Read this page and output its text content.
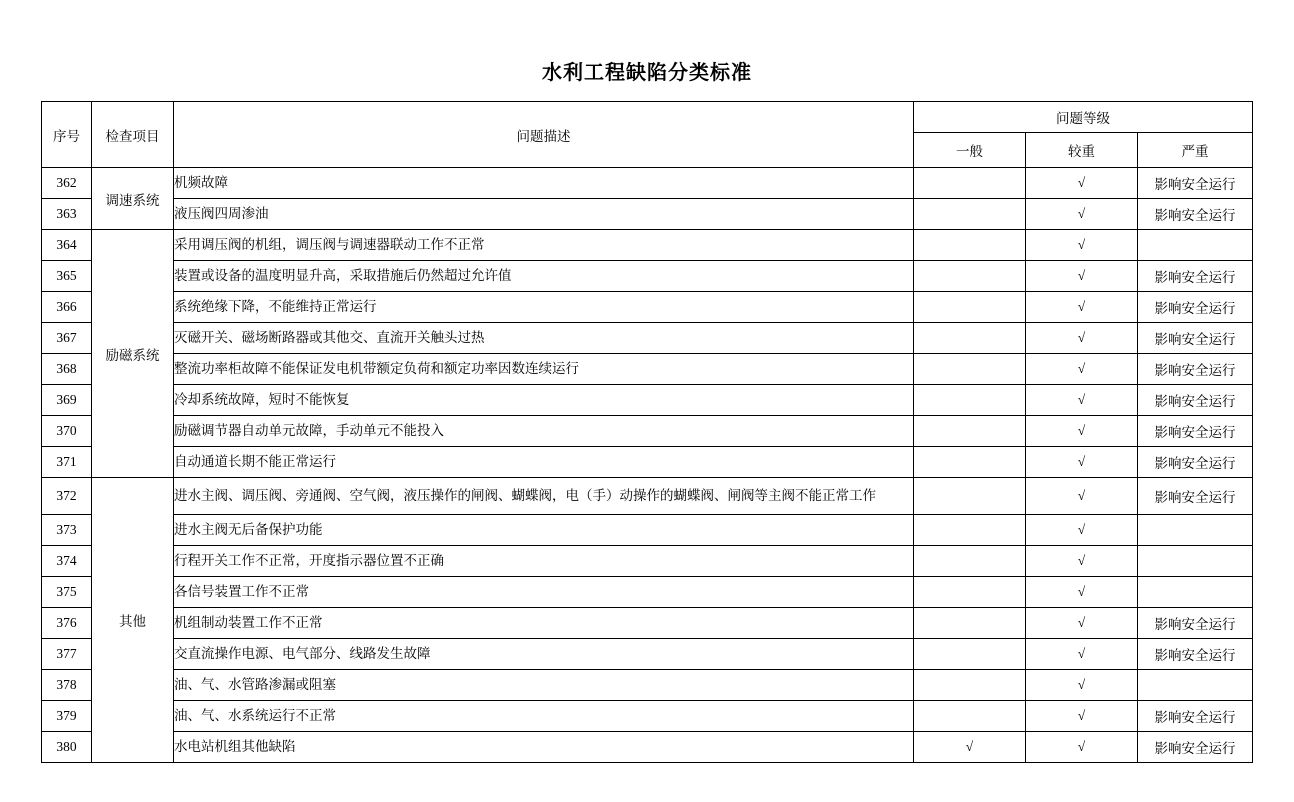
水利工程缺陷分类标准
序号	检查项目	问题描述	问题等级		
			一般	较重	严重
362	调速系统	机频故障		√	影响安全运行
363		液压阀四周渗油		√	影响安全运行
364	励磁系统	采用调压阀的机组，调压阀与调速器联动工作不正常		√	
365		装置或设备的温度明显升高，采取措施后仍然超过允许值		√	影响安全运行
366		系统绝缘下降，不能维持正常运行		√	影响安全运行
367		灭磁开关、磁场断路器或其他交、直流开关触头过热		√	影响安全运行
368		整流功率柜故障不能保证发电机带额定负荷和额定功率因数连续运行		√	影响安全运行
369		冷却系统故障，短时不能恢复		√	影响安全运行
370		励磁调节器自动单元故障，手动单元不能投入		√	影响安全运行
371		自动通道长期不能正常运行		√	影响安全运行
372	其他	进水主阀、调压阀、旁通阀、空气阀，液压操作的闸阀、蝴蝶阀，电（手）动操作的蝴蝶阀、闸阀等主阀不能正常工作		√	影响安全运行
373		进水主阀无后备保护功能		√	
374		行程开关工作不正常，开度指示器位置不正确		√	
375		各信号装置工作不正常		√	
376		机组制动装置工作不正常		√	影响安全运行
377		交直流操作电源、电气部分、线路发生故障		√	影响安全运行
378		油、气、水管路渗漏或阻塞		√	
379		油、气、水系统运行不正常		√	影响安全运行
380		水电站机组其他缺陷	√	√	影响安全运行
